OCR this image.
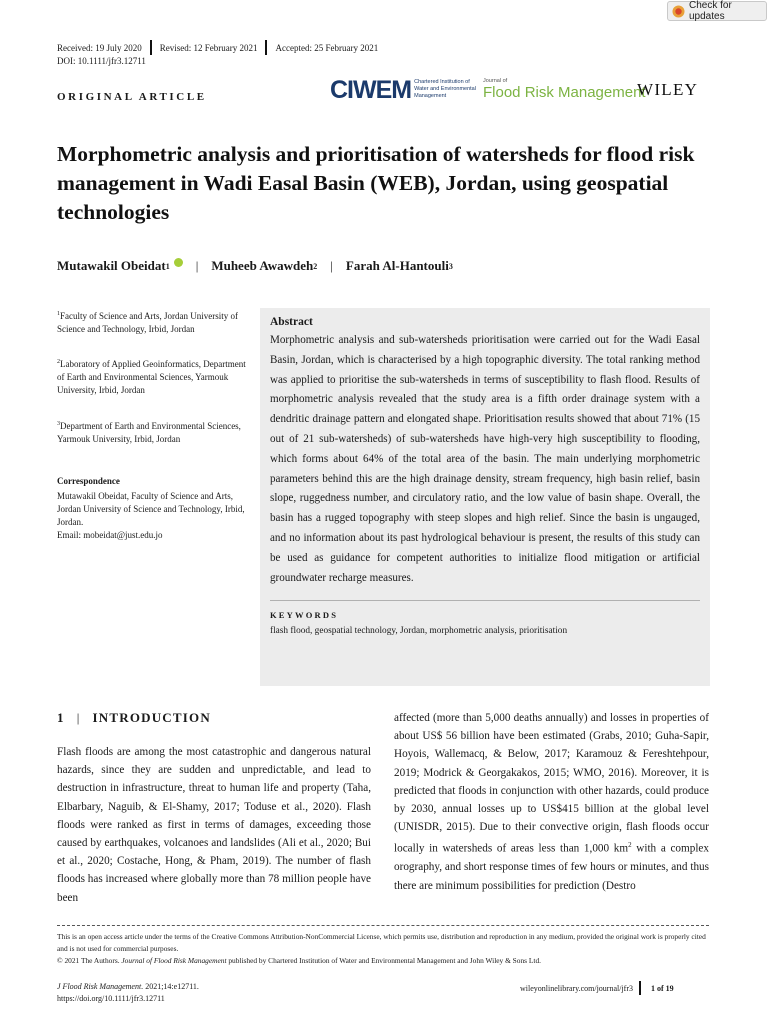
Check for updates
Received: 19 July 2020 Revised: 12 February 2021 Accepted: 25 February 2021
DOI: 10.1111/jfr3.12711
ORIGINAL ARTICLE	CIWEM Chartered Institution of Water and Environmental Management
Journal of
Flood Risk Management
WILEY
Morphometric analysis and prioritisation of watersheds for flood risk management in Wadi Easal Basin (WEB), Jordan, using geospatial technologies
Mutawakil Obeidat 1 | Muheeb Awawdeh 2 | Farah Al-Hantouli 3
$^1$Faculty of Science and Arts, Jordan University of Science and Technology, Irbid, Jordan
$^2$Laboratory of Applied Geoinformatics, Department of Earth and Environmental Sciences, Yarmouk University, Irbid, Jordan
$^3$Department of Earth and Environmental Sciences, Yarmouk University, Irbid, Jordan
Correspondence
Mutawakil Obeidat, Faculty of Science and Arts, Jordan University of Science and Technology, Irbid, Jordan.
Email: mobeidat@just.edu.jo
Abstract
Morphometric analysis and sub-watersheds prioritisation were carried out for the Wadi Easal Basin, Jordan, which is characterised by a high topographic diversity. The total ranking method was applied to prioritise the sub-watersheds in terms of susceptibility to flash flood. Results of morphometric analysis revealed that the study area is a fifth order drainage system with a dendritic drainage pattern and elongated shape. Prioritisation results showed that about 71% (15 out of 21 sub-watersheds) of sub-watersheds have high-very high susceptibility to flooding, which forms about 64% of the total area of the basin. The main underlying morphometric parameters behind this are the high drainage density, stream frequency, high basin relief, basin slope, ruggedness number, and circulatory ratio, and the low value of basin shape. Overall, the basin has a rugged topography with steep slopes and high relief. Since the basin is ungauged, and no information about its past hydrological behaviour is present, the results of this study can be used as guidance for competent authorities to initialize flood mitigation or artificial groundwater recharge measures.
KEYWORDS
flash flood, geospatial technology, Jordan, morphometric analysis, prioritisation
1 | INTRODUCTION
Flash floods are among the most catastrophic and dangerous natural hazards, since they are sudden and unpredictable, and lead to destruction in infrastructure, threat to human life and property (Taha, Elbarbary, Naguib, & El-Shamy, 2017; Toduse et al., 2020). Flash floods were ranked as first in terms of damages, exceeding those caused by earthquakes, volcanoes and landslides (Ali et al., 2020; Bui et al., 2020; Costache, Hong, & Pham, 2019). The number of flash floods has increased where globally more than 78 million people have been
affected (more than 5,000 deaths annually) and losses in properties of about US$ 56 billion have been estimated (Grabs, 2010; Guha-Sapir, Hoyois, Wallemacq, & Below, 2017; Karamouz & Fereshtehpour, 2019; Modrick & Georgakakos, 2015; WMO, 2016). Moreover, it is predicted that floods in conjunction with other hazards, could produce by 2030, annual losses up to US$415 billion at the global level (UNISDR, 2015). Due to their convective origin, flash floods occur locally in watersheds of areas less than 1,000 $km^2$ with a complex orography, and short response times of few hours or minutes, and thus there are minimum possibilities for prediction (Destro
This is an open access article under the terms of the Creative Commons Attribution-NonCommercial License, which permits use, distribution and reproduction in any medium, provided the original work is properly cited and is not used for commercial purposes.
© 2021 The Authors. Journal of Flood Risk Management published by Chartered Institution of Water and Environmental Management and John Wiley & Sons Ltd.
J Flood Risk Management. 2021;14:e12711.
https://doi.org/10.1111/jfr3.12711
wileyonlinelibrary.com/journal/jfr3 1 of 19
